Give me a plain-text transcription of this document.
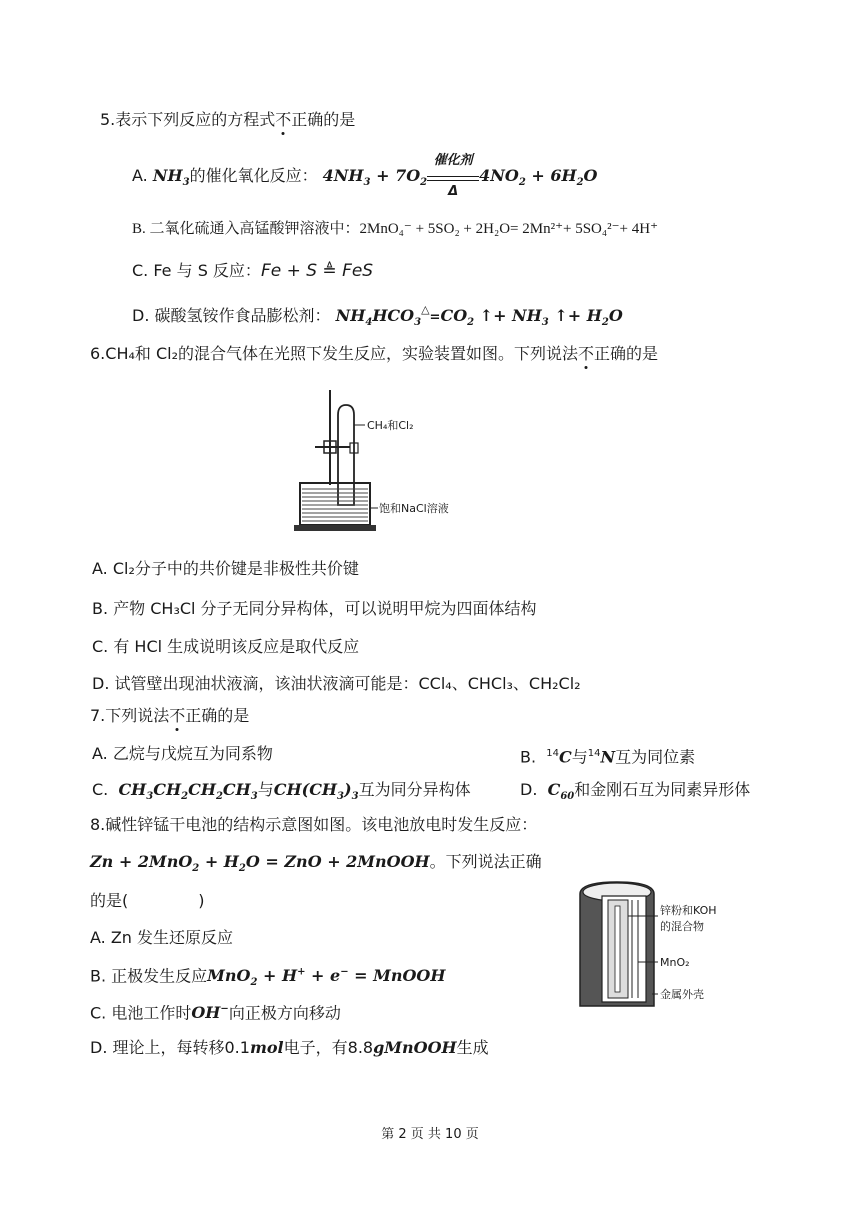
5.表示下列反应的方程式不正确的是
A. $NH_3$的催化氧化反应： $4NH_3 + 7O_2$
催化剂
Δ
$4NO_2 + 6H_2O$
B. 二氧化硫通入高锰酸钾溶液中：2MnO₄⁻ + 5SO₂ + 2H₂O= 2Mn²⁺+ 5SO₄²⁻+ 4H⁺
C. Fe 与 S 反应：Fe + S ≜ FeS
D. 碳酸氢铵作食品膨松剂： $NH_4HCO_3^\triangle=CO_2$ ↑+ $NH_3$ ↑+ $H_2O$
6.CH₄和 Cl₂的混合气体在光照下发生反应，实验装置如图。下列说法不正确的是
CH₄和Cl₂
饱和NaCl溶液
A. Cl₂分子中的共价键是非极性共价键
B. 产物 CH₃Cl 分子无同分异构体，可以说明甲烷为四面体结构
C. 有 HCl 生成说明该反应是取代反应
D. 试管壁出现油状液滴，该油状液滴可能是：CCl₄、CHCl₃、CH₂Cl₂
7.下列说法不正确的是
A. 乙烷与戊烷互为同系物	B. $^{14}$C与$^{14}$N互为同位素
C. $CH_3CH_2CH_2CH_3$与$CH(CH_3)_3$互为同分异构体	D. $C_{60}$和金刚石互为同素异形体
8.碱性锌锰干电池的结构示意图如图。该电池放电时发生反应：
$Zn + 2MnO_2 + H_2O$ = ZnO + 2MnOOH。下列说法正确
的是(	)
锌粉和KOH
的混合物
MnO₂
金属外壳
A. Zn 发生还原反应
B. 正极发生反应MnO$_2$ + H+ + e− = MnOOH
C. 电池工作时OH−向正极方向移动
D. 理论上，每转移0.1mol电子，有8.8gMnOOH生成
第 2 页 共 10 页
